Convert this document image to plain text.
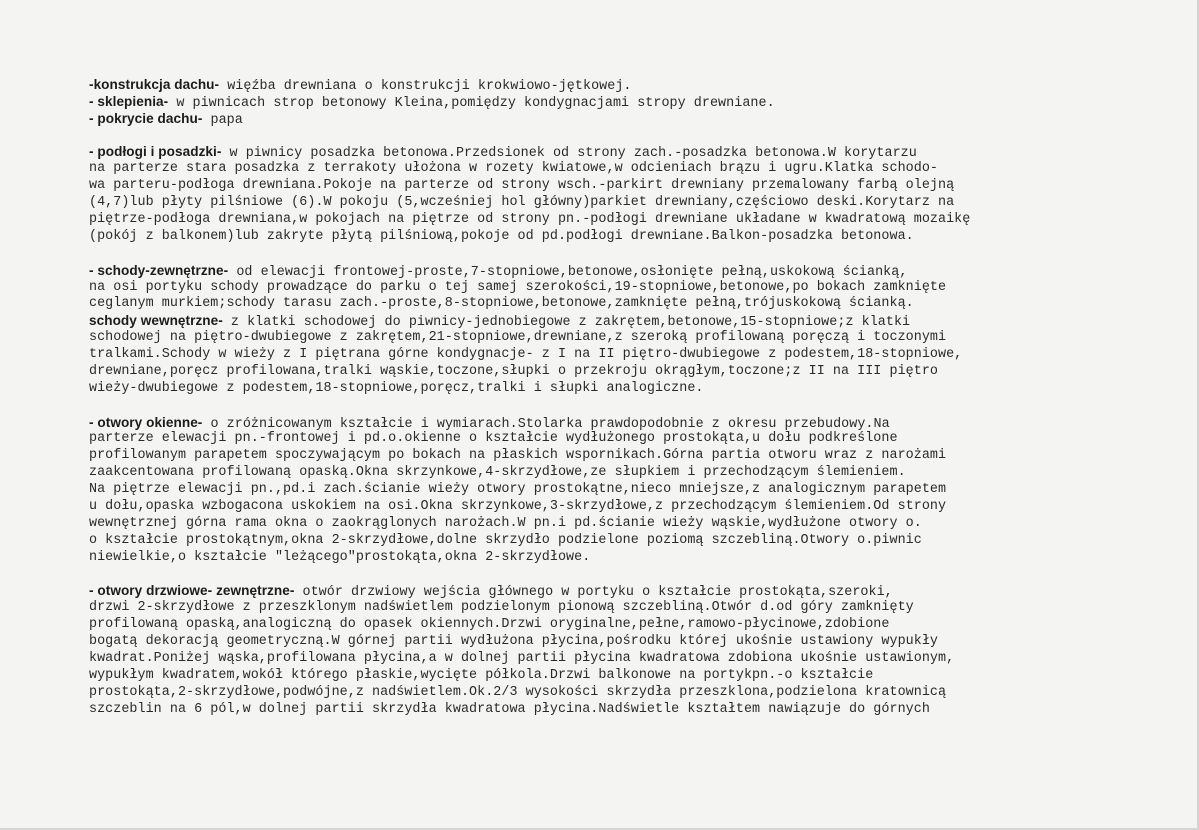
-konstrukcja dachu- więźba drewniana o konstrukcji krokwiowo-jętkowej.
- sklepienia- w piwnicach strop betonowy Kleina,pomiędzy kondygnacjami stropy drewniane.
- pokrycie dachu- papa
- podłogi i posadzki- w piwnicy posadzka betonowa.Przedsionek od strony zach.-posadzka betonowa.W korytarzu
na parterze stara posadzka z terrakoty ułożona w rozety kwiatowe,w odcieniach brązu i ugru.Klatka schodo-
wa parteru-podłoga drewniana.Pokoje na parterze od strony wsch.-parkirt drewniany przemalowany farbą olejną
(4,7)lub płyty pilśniowe (6).W pokoju (5,wcześniej hol główny)parkiet drewniany,częściowo deski.Korytarz na
piętrze-podłoga drewniana,w pokojach na piętrze od strony pn.-podłogi drewniane układane w kwadratową mozaikę
(pokój z balkonem)lub zakryte płytą pilśniową,pokoje od pd.podłogi drewniane.Balkon-posadzka betonowa.
- schody-zewnętrzne- od elewacji frontowej-proste,7-stopniowe,betonowe,osłonięte pełną,uskokową ścianką,
na osi portyku schody prowadzące do parku o tej samej szerokości,19-stopniowe,betonowe,po bokach zamknięte
ceglanym murkiem;schody tarasu zach.-proste,8-stopniowe,betonowe,zamknięte pełną,trójuskokową ścianką.
schody wewnętrzne- z klatki schodowej do piwnicy-jednobiegowe z zakrętem,betonowe,15-stopniowe;z klatki
schodowej na piętro-dwubiegowe z zakrętem,21-stopniowe,drewniane,z szeroką profilowaną poręczą i toczonymi
tralkami.Schody w wieży z I piętrana górne kondygnacje- z I na II piętro-dwubiegowe z podestem,18-stopniowe,
drewniane,poręcz profilowana,tralki wąskie,toczone,słupki o przekroju okrągłym,toczone;z II na III piętro
wieży-dwubiegowe z podestem,18-stopniowe,poręcz,tralki i słupki analogiczne.
- otwory okienne- o zróżnicowanym kształcie i wymiarach.Stolarka prawdopodobnie z okresu przebudowy.Na
parterze elewacji pn.-frontowej i pd.o.okienne o kształcie wydłużonego prostokąta,u dołu podkreślone
profilowanym parapetem spoczywającym po bokach na płaskich wspornikach.Górna partia otworu wraz z narożami
zaakcentowana profilowaną opaską.Okna skrzynkowe,4-skrzydłowe,ze słupkiem i przechodzącym ślemieniem.
Na piętrze elewacji pn.,pd.i zach.ścianie wieży otwory prostokątne,nieco mniejsze,z analogicznym parapetem
u dołu,opaska wzbogacona uskokiem na osi.Okna skrzynkowe,3-skrzydłowe,z przechodzącym ślemieniem.Od strony
wewnętrznej górna rama okna o zaokrąglonych narożach.W pn.i pd.ścianie wieży wąskie,wydłużone otwory o.
o kształcie prostokątnym,okna 2-skrzydłowe,dolne skrzydło podzielone poziomą szczebliną.Otwory o.piwnic
niewielkie,o kształcie "leżącego"prostokąta,okna 2-skrzydłowe.
- otwory drzwiowe- zewnętrzne- otwór drzwiowy wejścia głównego w portyku o kształcie prostokąta,szeroki,
drzwi 2-skrzydłowe z przeszklonym nadświetlem podzielonym pionową szczebliną.Otwór d.od góry zamknięty
profilowaną opaską,analogiczną do opasek okiennych.Drzwi oryginalne,pełne,ramowo-płycinowe,zdobione
bogatą dekoracją geometryczną.W górnej partii wydłużona płycina,pośrodku której ukośnie ustawiony wypukły
kwadrat.Poniżej wąska,profilowana płycina,a w dolnej partii płycina kwadratowa zdobiona ukośnie ustawionym,
wypukłym kwadratem,wokół którego płaskie,wycięte półkola.Drzwi balkonowe na portykpn.-o kształcie
prostokąta,2-skrzydłowe,podwójne,z nadświetlem.Ok.2/3 wysokości skrzydła przeszklona,podzielona kratownicą
szczeblin na 6 pól,w dolnej partii skrzydła kwadratowa płycina.Nadświetle kształtem nawiązuje do górnych
